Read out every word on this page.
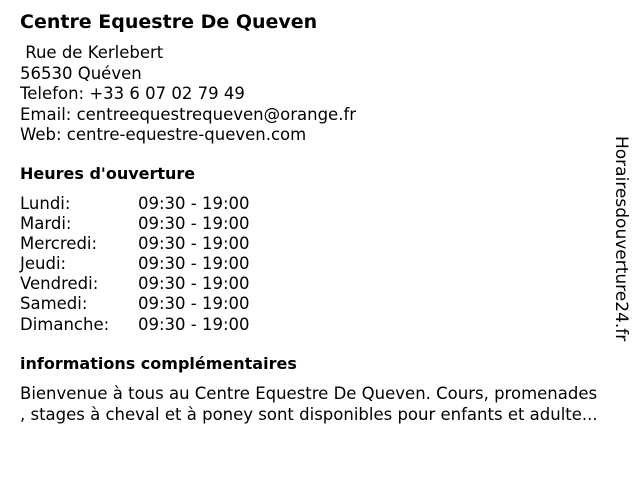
Centre Equestre De Queven
Rue de Kerlebert
56530 Quéven
Telefon: +33 6 07 02 79 49
Email: centreequestrequeven@orange.fr
Web: centre-equestre-queven.com
Heures d'ouverture
Lundi:	09:30 - 19:00
Mardi:	09:30 - 19:00
Mercredi:	09:30 - 19:00
Jeudi:	09:30 - 19:00
Vendredi:	09:30 - 19:00
Samedi:	09:30 - 19:00
Dimanche:	09:30 - 19:00
informations complémentaires
Bienvenue à tous au Centre Equestre De Queven. Cours, promenades
, stages à cheval et à poney sont disponibles pour enfants et adulte...
Horairesdouverture24.fr
